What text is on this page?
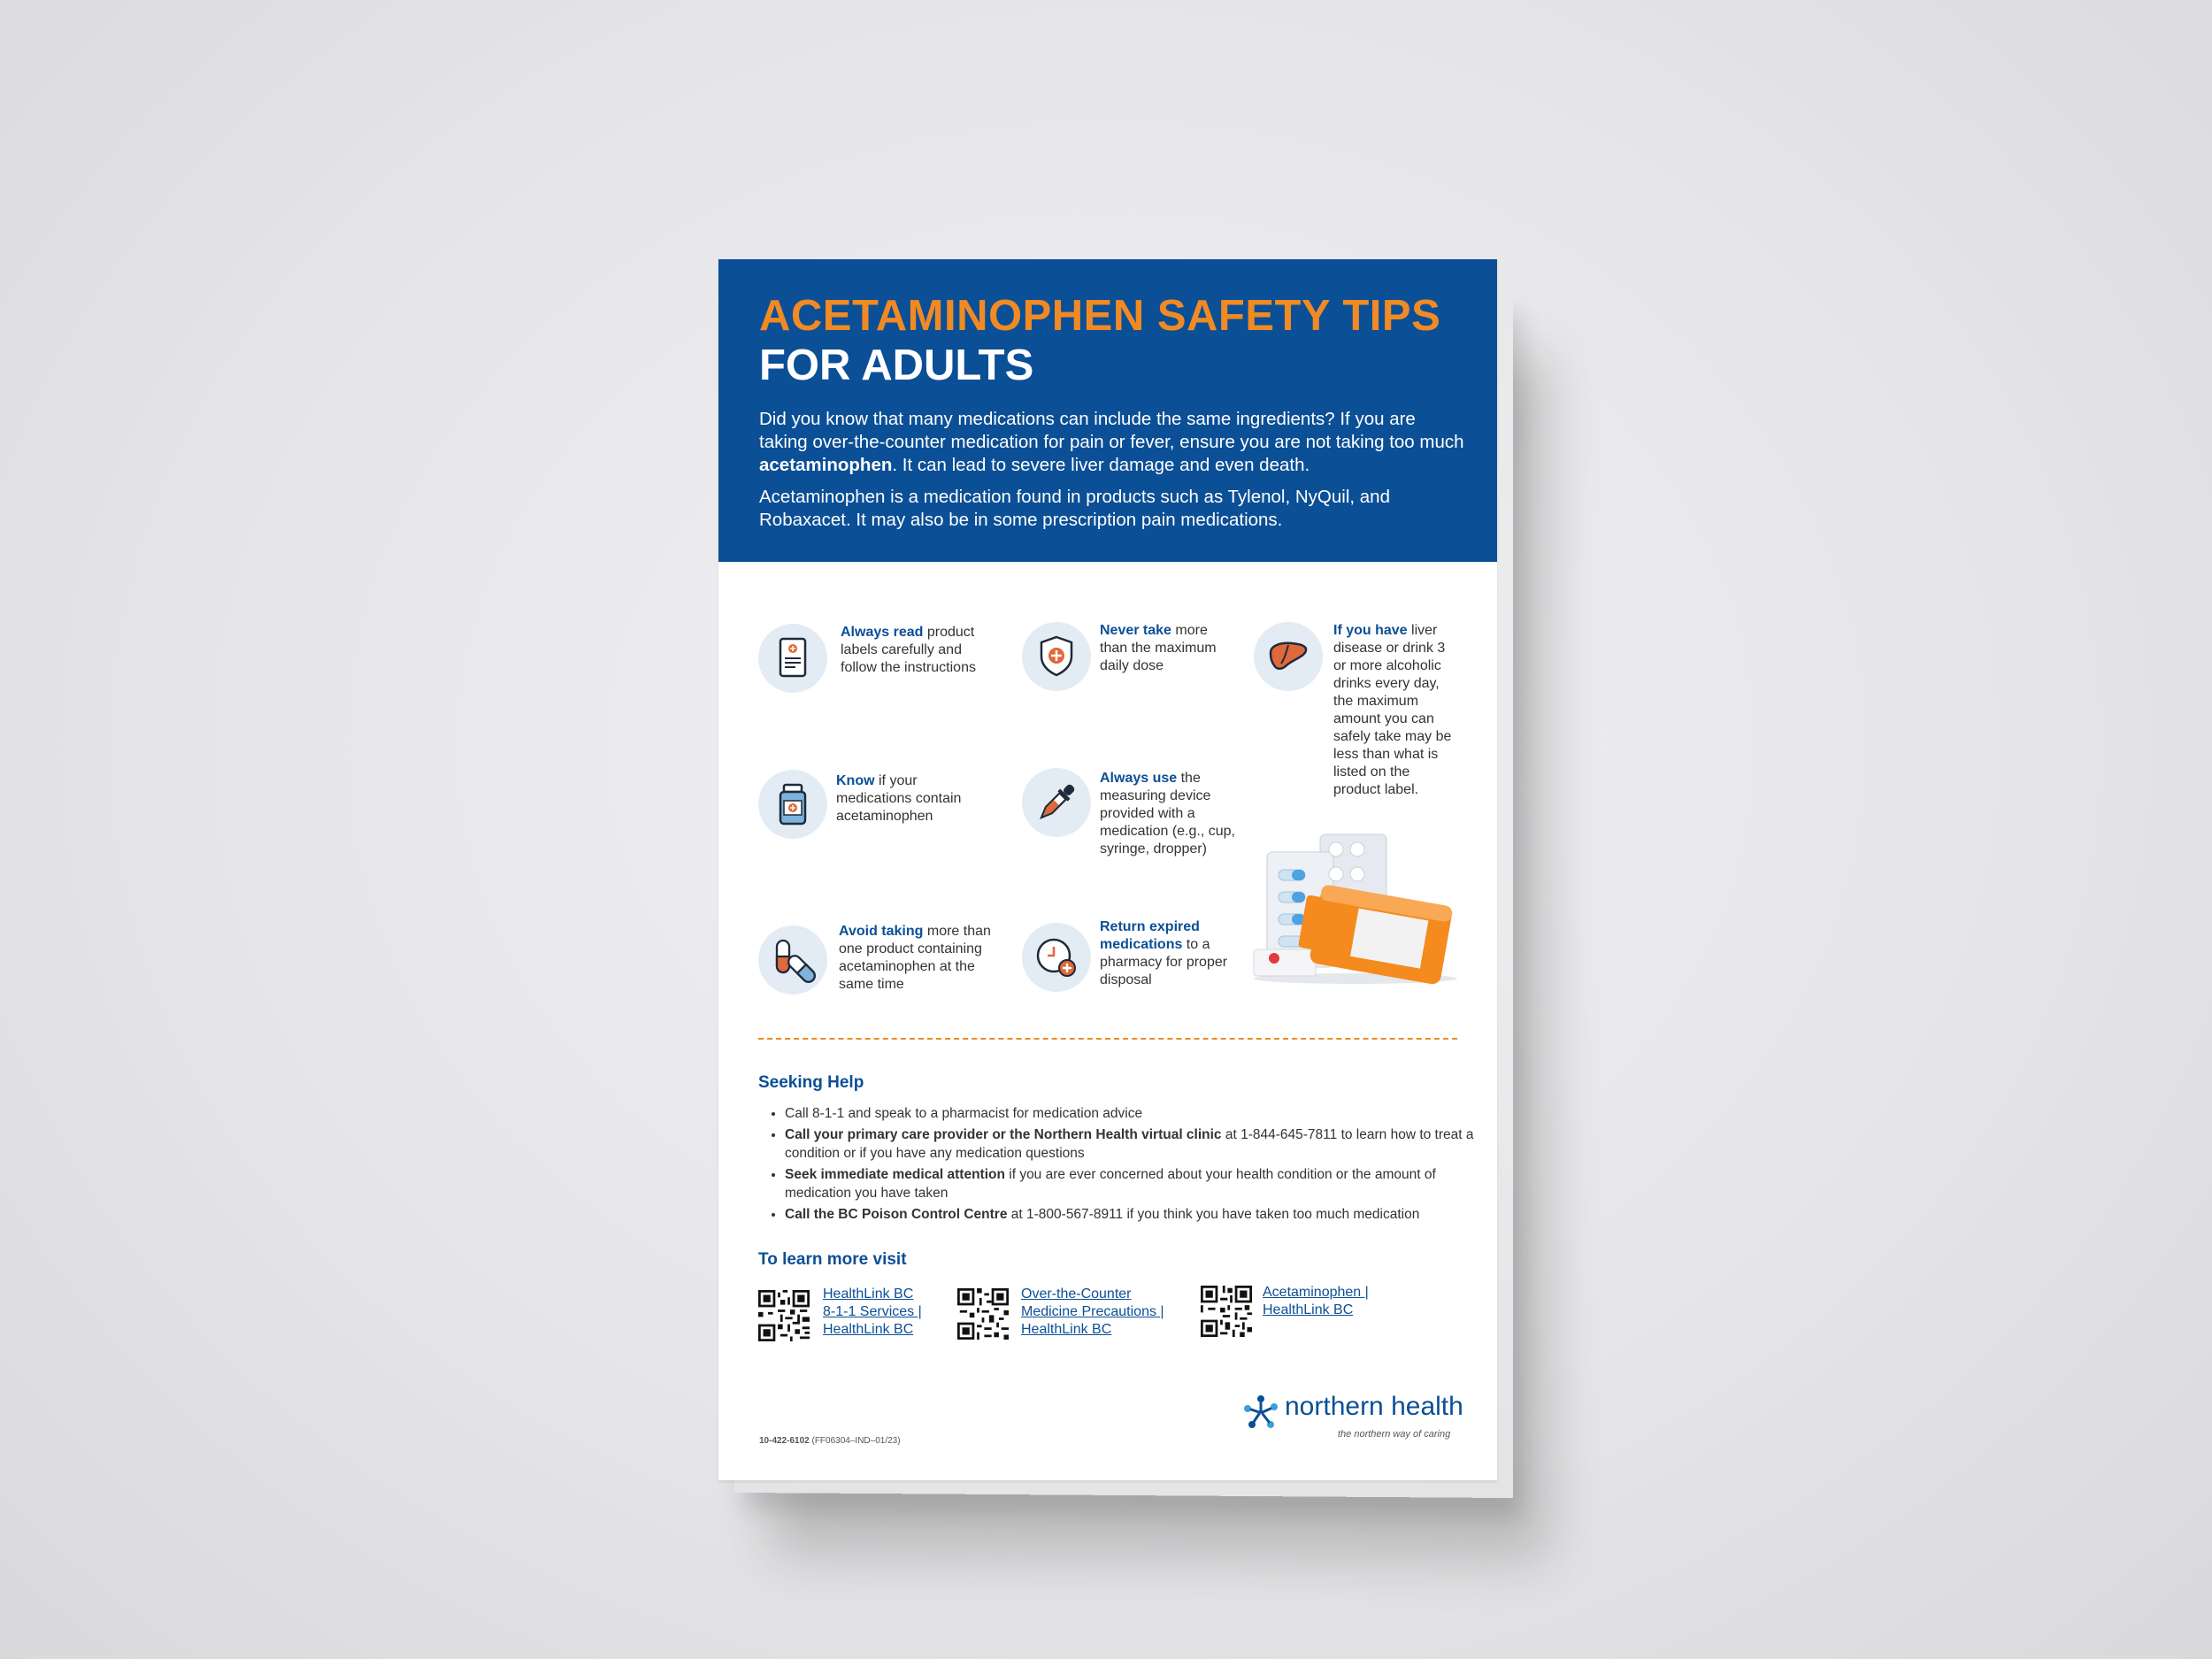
ACETAMINOPHEN SAFETY TIPS
FOR ADULTS

Did you know that many medications can include the same ingredients? If you are taking over-the-counter medication for pain or fever, ensure you are not taking too much acetaminophen. It can lead to severe liver damage and even death.

Acetaminophen is a medication found in products such as Tylenol, NyQuil, and Robaxacet. It may also be in some prescription pain medications.

Always read product labels carefully and follow the instructions
Never take more than the maximum daily dose
If you have liver disease or drink 3 or more alcoholic drinks every day, the maximum amount you can safely take may be less than what is listed on the product label.
Know if your medications contain acetaminophen
Always use the measuring device provided with a medication (e.g., cup, syringe, dropper)
Avoid taking more than one product containing acetaminophen at the same time
Return expired medications to a pharmacy for proper disposal
Seeking Help
• Call 8-1-1 and speak to a pharmacist for medication advice
• Call your primary care provider or the Northern Health virtual clinic at 1-844-645-7811 to learn how to treat a condition or if you have any medication questions
• Seek immediate medical attention if you are ever concerned about your health condition or the amount of medication you have taken
• Call the BC Poison Control Centre at 1-800-567-8911 if you think you have taken too much medication
To learn more visit
HealthLink BC
8-1-1 Services |
HealthLink BC
Over-the-Counter
Medicine Precautions |
HealthLink BC
Acetaminophen |
HealthLink BC
northern health
the northern way of caring
10-422-6102 (FF06304–IND–01/23)
